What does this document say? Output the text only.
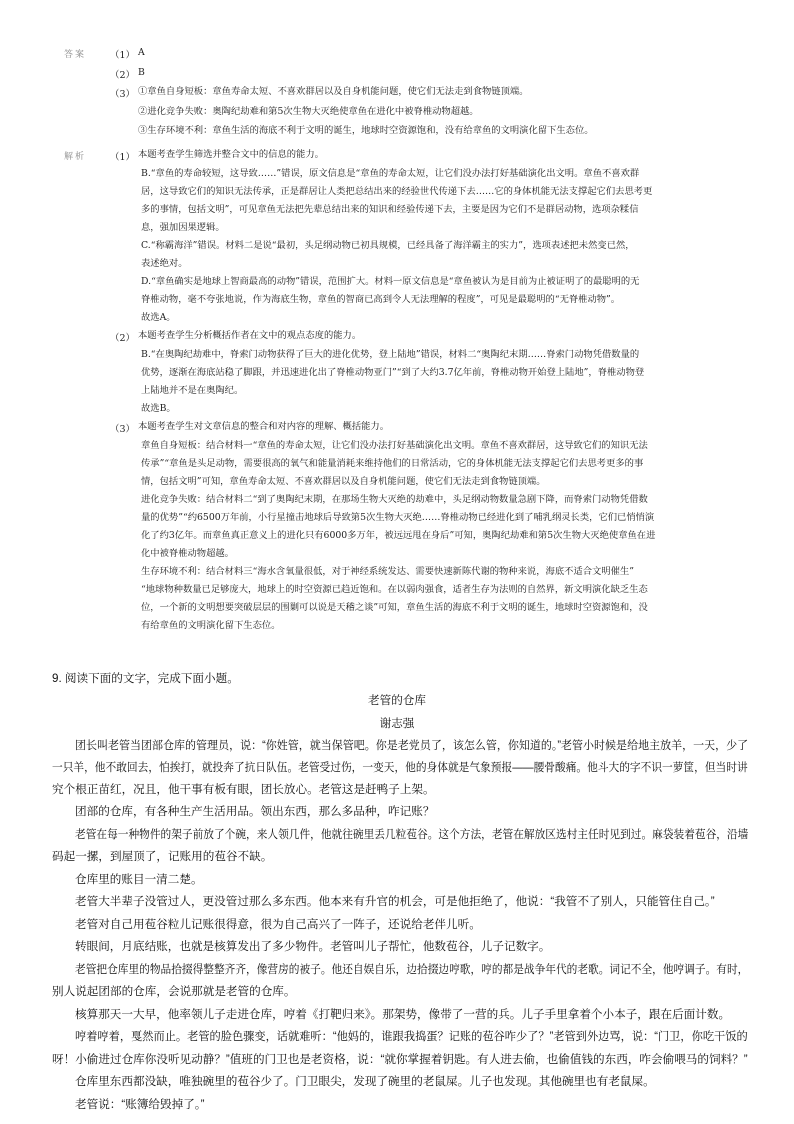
答案	（1） A
（2） B
（3） ①章鱼自身短板：章鱼寿命太短、不喜欢群居以及自身机能问题，使它们无法走到食物链顶端。
②进化竞争失败：奥陶纪劫难和第5次生物大灭绝使章鱼在进化中被脊椎动物超越。
③生存环境不利：章鱼生活的海底不利于文明的诞生，地球时空资源饱和，没有给章鱼的文明演化留下生态位。
解析	（1） 本题考查学生筛选并整合文中的信息的能力。
B.“章鱼的寿命较短，这导致……”错误，原文信息是“章鱼的寿命太短，让它们没办法打好基础演化出文明。章鱼不喜欢群
居，这导致它们的知识无法传承，正是群居让人类把总结出来的经验世代传递下去……它的身体机能无法支撑起它们去思考更
多的事情，包括文明”，可见章鱼无法把先辈总结出来的知识和经验传递下去，主要是因为它们不是群居动物，选项杂糅信
息，强加因果逻辑。
C.“称霸海洋”错误。材料二是说“最初，头足纲动物已初具规模，已经具备了海洋霸主的实力”，选项表述把未然变已然，
表述绝对。
D.“章鱼确实是地球上智商最高的动物”错误，范围扩大。材料一原文信息是“章鱼被认为是目前为止被证明了的最聪明的无
脊椎动物，毫不夸张地说，作为海底生物，章鱼的智商已高到令人无法理解的程度”，可见是最聪明的“无脊椎动物”。
故选A。
（2） 本题考查学生分析概括作者在文中的观点态度的能力。
B.“在奥陶纪劫难中，脊索门动物获得了巨大的进化优势，登上陆地”错误，材料二“奥陶纪末期……脊索门动物凭借数量的
优势，逐渐在海底站稳了脚跟，并迅速进化出了脊椎动物亚门”“到了大约3.7亿年前，脊椎动物开始登上陆地”，脊椎动物登
上陆地并不是在奥陶纪。
故选B。
（3） 本题考查学生对文章信息的整合和对内容的理解、概括能力。
章鱼自身短板：结合材料一“章鱼的寿命太短，让它们没办法打好基础演化出文明。章鱼不喜欢群居，这导致它们的知识无法
传承”“章鱼是头足动物，需要很高的氧气和能量消耗来维持他们的日常活动，它的身体机能无法支撑起它们去思考更多的事
情，包括文明”可知，章鱼寿命太短、不喜欢群居以及自身机能问题，使它们无法走到食物链顶端。
进化竞争失败：结合材料二“到了奥陶纪末期，在那场生物大灭绝的劫难中，头足纲动物数量急剧下降，而脊索门动物凭借数
量的优势”“约6500万年前，小行星撞击地球后导致第5次生物大灭绝……脊椎动物已经进化到了哺乳纲灵长类，它们已悄悄演
化了约3亿年。而章鱼真正意义上的进化只有6000多万年，被远远甩在身后”可知，奥陶纪劫难和第5次生物大灭绝使章鱼在进
化中被脊椎动物超越。
生存环境不利：结合材料三“海水含氧量很低，对于神经系统发达、需要快速新陈代谢的物种来说，海底不适合文明催生”
“地球物种数量已足够庞大，地球上的时空资源已趋近饱和。在以弱肉强食，适者生存为法则的自然界，新文明演化缺乏生态
位，一个新的文明想要突破层层的围剿可以说是天稽之谈”可知，章鱼生活的海底不利于文明的诞生，地球时空资源饱和，没
有给章鱼的文明演化留下生态位。
9. 阅读下面的文字，完成下面小题。
老管的仓库
谢志强
团长叫老管当团部仓库的管理员，说：“你姓管，就当保管吧。你是老党员了，该怎么管，你知道的。”老管小时候是给地主放羊，一天，少了
一只羊，他不敢回去，怕挨打，就投奔了抗日队伍。老管受过伤，一变天，他的身体就是气象预报——腰骨酸痛。他斗大的字不识一萝筐，但当时讲
究个根正苗红，况且，他干事有板有眼，团长放心。老管这是赶鸭子上架。
团部的仓库，有各种生产生活用品。领出东西，那么多品种，咋记账？
老管在每一种物件的架子前放了个碗，来人领几件，他就往碗里丢几粒苞谷。这个方法，老管在解放区选村主任时见到过。麻袋装着苞谷，沿墙
码起一摞，到屋顶了，记账用的苞谷不缺。
仓库里的账目一清二楚。
老管大半辈子没管过人，更没管过那么多东西。他本来有升官的机会，可是他拒绝了，他说：“我管不了别人，只能管住自己。”
老管对自己用苞谷粒儿记账很得意，很为自己高兴了一阵子，还说给老伴儿听。
转眼间，月底结账，也就是核算发出了多少物件。老管叫儿子帮忙，他数苞谷，儿子记数字。
老管把仓库里的物品拾掇得整整齐齐，像营房的被子。他还自娱自乐，边拾掇边哼歌，哼的都是战争年代的老歌。词记不全，他哼调子。有时，
别人说起团部的仓库，会说那就是老管的仓库。
核算那天一大早，他率领儿子走进仓库，哼着《打靶归来》。那架势，像带了一营的兵。儿子手里拿着个小本子，跟在后面计数。
哼着哼着，戛然而止。老管的脸色骤变，话就难听：“他妈的，谁跟我捣蛋？记账的苞谷咋少了？”老管到外边骂，说：“门卫，你吃干饭的
呀！小偷进过仓库你没听见动静？”值班的门卫也是老资格，说：“就你掌握着钥匙。有人进去偷，也偷值钱的东西，咋会偷喂马的饲料？”
仓库里东西都没缺，唯独碗里的苞谷少了。门卫眼尖，发现了碗里的老鼠屎。儿子也发现。其他碗里也有老鼠屎。
老管说：“账簿给毁掉了。”
